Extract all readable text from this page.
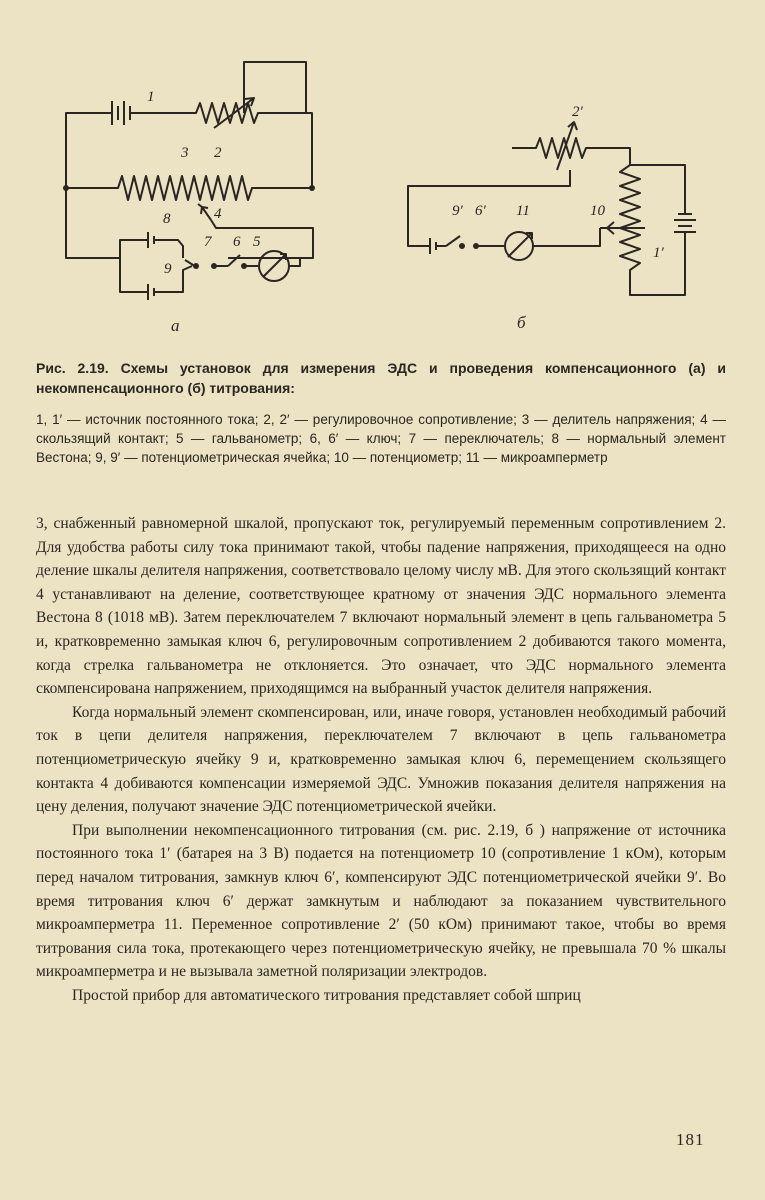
1
3 2
8	4
7 6 5
9
а
2′
9′ 6′ 11	10
1′
б
Рис. 2.19. Схемы установок для измерения ЭДС и проведения компенсационного (а) и некомпенсационного (б) титрования:
1, 1′ — источник постоянного тока; 2, 2′ — регулировочное сопротивление; 3 — делитель напряжения; 4 — скользящий контакт; 5 — гальванометр; 6, 6′ — ключ; 7 — переключатель; 8 — нормальный элемент Вестона; 9, 9′ — потенциометрическая ячейка; 10 — потенциометр; 11 — микроамперметр

3, снабженный равномерной шкалой, пропускают ток, регулируемый переменным сопротивлением 2. Для удобства работы силу тока принимают такой, чтобы падение напряжения, приходящееся на одно деление шкалы делителя напряжения, соответствовало целому числу мВ. Для этого скользящий контакт 4 устанавливают на деление, соответствующее кратному от значения ЭДС нормального элемента Вестона 8 (1018 мВ). Затем переключателем 7 включают нормальный элемент в цепь гальванометра 5 и, кратковременно замыкая ключ 6, регулировочным сопротивлением 2 добиваются такого момента, когда стрелка гальванометра не отклоняется. Это означает, что ЭДС нормального элемента скомпенсирована напряжением, приходящимся на выбранный участок делителя напряжения.

Когда нормальный элемент скомпенсирован, или, иначе говоря, установлен необходимый рабочий ток в цепи делителя напряжения, переключателем 7 включают в цепь гальванометра потенциометрическую ячейку 9 и, кратковременно замыкая ключ 6, перемещением скользящего контакта 4 добиваются компенсации измеряемой ЭДС. Умножив показания делителя напряжения на цену деления, получают значение ЭДС потенциометрической ячейки.

При выполнении некомпенсационного титрования (см. рис. 2.19, б ) напряжение от источника постоянного тока 1′ (батарея на 3 В) подается на потенциометр 10 (сопротивление 1 кОм), которым перед началом титрования, замкнув ключ 6′, компенсируют ЭДС потенциометрической ячейки 9′. Во время титрования ключ 6′ держат замкнутым и наблюдают за показанием чувствительного микроамперметра 11. Переменное сопротивление 2′ (50 кОм) принимают такое, чтобы во время титрования сила тока, протекающего через потенциометрическую ячейку, не превышала 70 % шкалы микроамперметра и не вызывала заметной поляризации электродов.

Простой прибор для автоматического титрования представляет собой шприц

181
